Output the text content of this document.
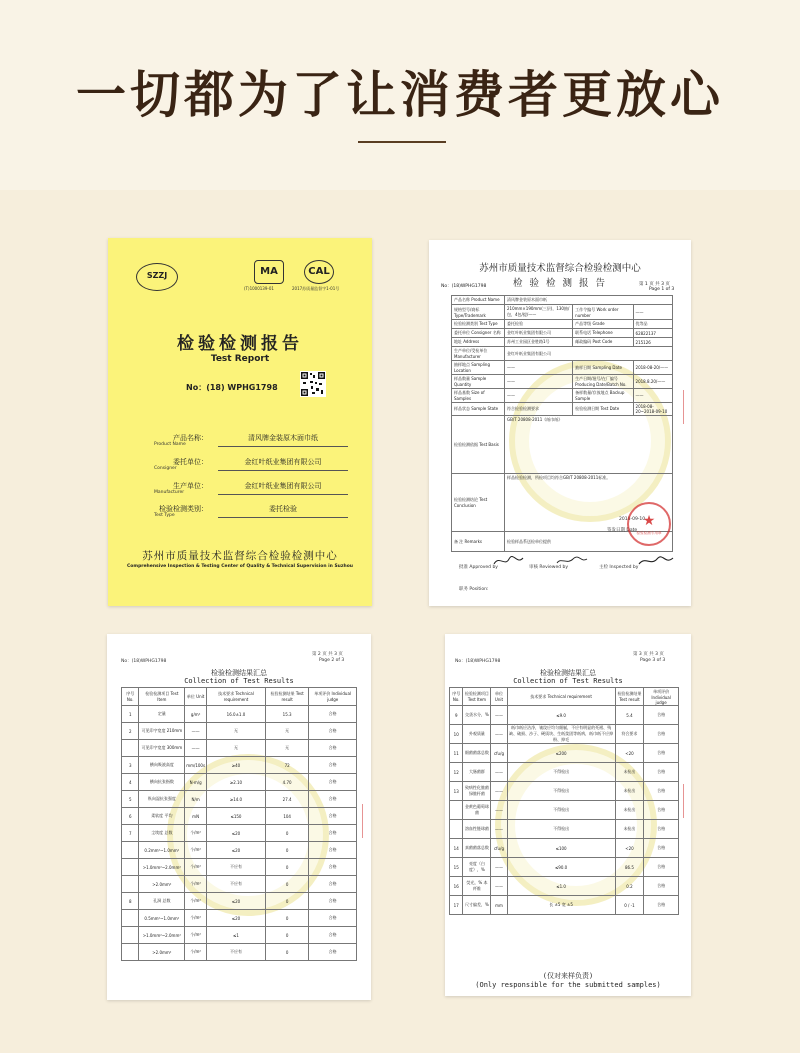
一切都为了让消费者更放心
SZZJ	MA
(T)1000139-01
CAL
2017苏质量监督字1-01号
检验检测报告
Test Report
No：(18) WPHG1798
产品名称：
Product Name
清风牌金装原木面巾纸
委托单位：
Consigner
金红叶纸业集团有限公司
生产单位：
Manufacturer
金红叶纸业集团有限公司
检验检测类别：
Test Type
委托检验
苏州市质量技术监督综合检验检测中心
Comprehensive Inspection & Testing Center of Quality & Technical Supervision in Suzhou
苏州市质量技术监督综合检验检测中心
检 验 检 测 报 告
No：(18)WPHG1798	第 1 页 共 3 页
Page 1 of 3
产品名称 Product Name	清风牌金装原木面巾纸		
规格型号/商标 Type/Trademark	210mm×190mm(三层)，130抽/包，4包/提/——	工作令编号 Work order number	——
检验检测类别 Test Type	委托检验	产品等级 Grade	优等品
委托单位 Consigner 名称	金红叶纸业集团有限公司	联系电话 Telephone	62822137
地址 Address	苏州工业园区金胜路1号	邮政编码 Post Code	215126
生产单位/受检单位 Manufacturer	金红叶纸业集团有限公司		
抽样地点 Sampling Location	——	抽样日期 Sampling Date	2018-08-20/——
样品数量 Sample Quantity	——	生产日期/批号/在厂编号 Producing Date/Batch No.	2018.8.20/——
样品基数 Size of Samples	——	备样数量/存放地点 Backup Sample	——
样品状态 Sample State	符合检验检测要求	检验检测日期 Test Date	2018-08-20~2018-09-10
检验检测依据 Test Basis	GB/T 20808-2011《纸巾纸》		
检验检测结论 Test Conclusion	样品检验检测，所检项目均符合GB/T 20808-2011标准。		
备 注 Remarks	检验样品系送检单位提供		
签发日期 Date
2018-09-10
★
检验检测专用章
批准 Approved by	审核 Reviewed by	主检 Inspected by
职务 Position:
No：(18)WPHG1798
第 2 页 共 3 页
Page 2 of 3
检验检测结果汇总
Collection of Test Results
序号 No.	检验检测项目 Test Item	单位 Unit	技术要求 Technical requirement	检验检测结果 Test result	单项评价 Individual judge
1	定量	g/m²	16.0±1.0	15.3	合格
2	可见印字宽度 210mm	——	无	无	合格
	可见印字宽度 300mm	——	无	无	合格
3	横向吸液高度	mm/100s	≥40	72	合格
4	横向抗张指数	N·m/g	≥2.10	4.70	合格
5	纵向湿抗张强度	N/m	≥14.0	27.4	合格
6	柔软度 平均	mN	≤150	104	合格
7	尘埃度 总数	个/m²	≤20	0	合格
	0.2mm²~1.0mm²	个/m²	≤20	0	合格
	>1.0mm²~2.0mm²	个/m²	不应有	0	合格
	>2.0mm²	个/m²	不应有	0	合格
8	孔洞 总数	个/m²	≤20	0	合格
	0.5mm²~1.0mm²	个/m²	≤20	0	合格
	>1.0mm²~2.0mm²	个/m²	≤1	0	合格
	>2.0mm²	个/m²	不应有	0	合格
No：(18)WPHG1798
第 3 页 共 3 页
Page 3 of 3
检验检测结果汇总
Collection of Test Results
序号 No.	检验检测项目 Test Item	单位 Unit	技术要求 Technical requirement	检验检测结果 Test result	单项评价 Individual judge
9	交货水分，%	——	≤9.0	5.4	合格
10	外观质量	——	纸巾纸应洁净，皱纹应均匀细腻，不应有明显的死褶、残缺、破损、沙子、硬质块、生纸浆团等纸病，纸巾纸不应掉粉、掉毛	符合要求	合格
11	细菌菌落总数	cfu/g	≤200	<20	合格
12	大肠菌群	——	不得检出	未检出	合格
13	致病性化脓菌 绿脓杆菌	——	不得检出	未检出	合格
	金黄色葡萄球菌	——	不得检出	未检出	合格
	溶血性链球菌	——	不得检出	未检出	合格
14	真菌菌落总数	cfu/g	≤100	<20	合格
15	亮度（白度），%	——	≤90.0	86.5	合格
16	荧光，% 本纤维	——	≤1.0	0.2	合格
17	尺寸偏差，%	mm	长 ±5 宽 ±5	0 / -1	合格
(仅对来样负责)
(Only responsible for the submitted samples)
